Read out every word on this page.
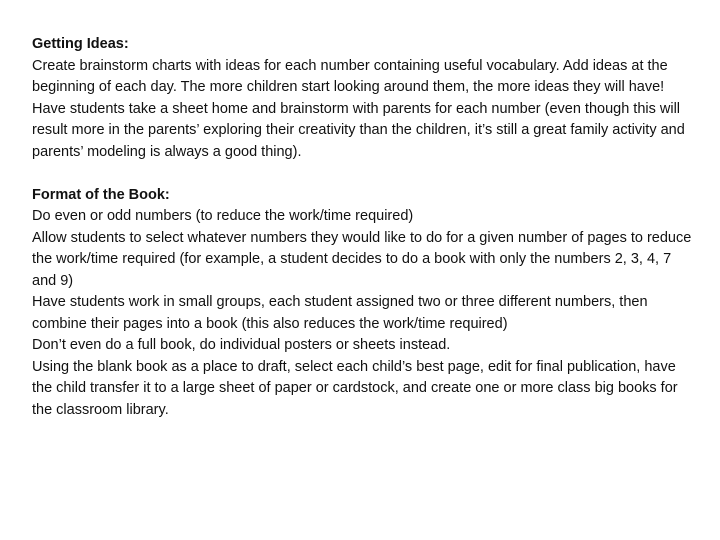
Getting Ideas:
Create brainstorm charts with ideas for each number containing useful vocabulary. Add ideas at the beginning of each day. The more children start looking around them, the more ideas they will have!
Have students take a sheet home and brainstorm with parents for each number (even though this will result more in the parents’ exploring their creativity than the children, it’s still a great family activity and parents’ modeling is always a good thing).
Format of the Book:
Do even or odd numbers (to reduce the work/time required)
Allow students to select whatever numbers they would like to do for a given number of pages to reduce the work/time required (for example, a student decides to do a book with only the numbers 2, 3, 4, 7 and 9)
Have students work in small groups, each student assigned two or three different numbers, then combine their pages into a book (this also reduces the work/time required)
Don’t even do a full book, do individual posters or sheets instead.
Using the blank book as a place to draft, select each child’s best page, edit for final publication, have the child transfer it to a large sheet of paper or cardstock, and create one or more class big books for the classroom library.
